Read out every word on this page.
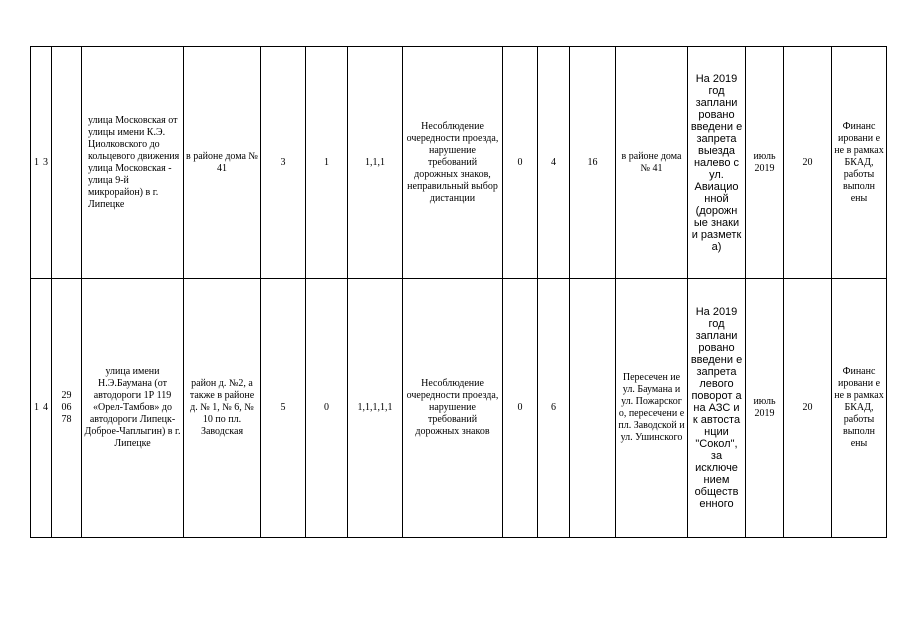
1 3		улица Московская от улицы имени К.Э. Циолковского до кольцевого движения улица Московская - улица 9-й микрорайон) в г. Липецке	в районе дома № 41	3	1	1,1,1	Несоблюдение очередности проезда, нарушение требований дорожных знаков, неправильный выбор дистанции	0	4	16	в районе дома № 41	На 2019 год заплани ровано введени е запрета выезда налево с ул. Авиацио нной (дорожн ые знаки и разметк а)	июль 2019	20	Финанс ировани е не в рамках БКАД, работы выполн ены

1 4	29
06
78	улица имени Н.Э.Баумана (от автодороги 1Р 119 «Орел-Тамбов» до автодороги Липецк-Доброе-Чаплыгин) в г. Липецке	район д. №2, а также в районе д. № 1, № 6, № 10 по пл. Заводская	5	0	1,1,1,1,1	Несоблюдение очередности проезда, нарушение требований дорожных знаков	0	6		Пересечен ие ул. Баумана и ул. Пожарског о, пересечени е пл. Заводской и ул. Ушинского	На 2019 год заплани ровано введени е запрета левого поворот а на АЗС и к автоста нции "Сокол", за исключе нием обществ енного	июль 2019	20	Финанс ировани е не в рамках БКАД, работы выполн ены
